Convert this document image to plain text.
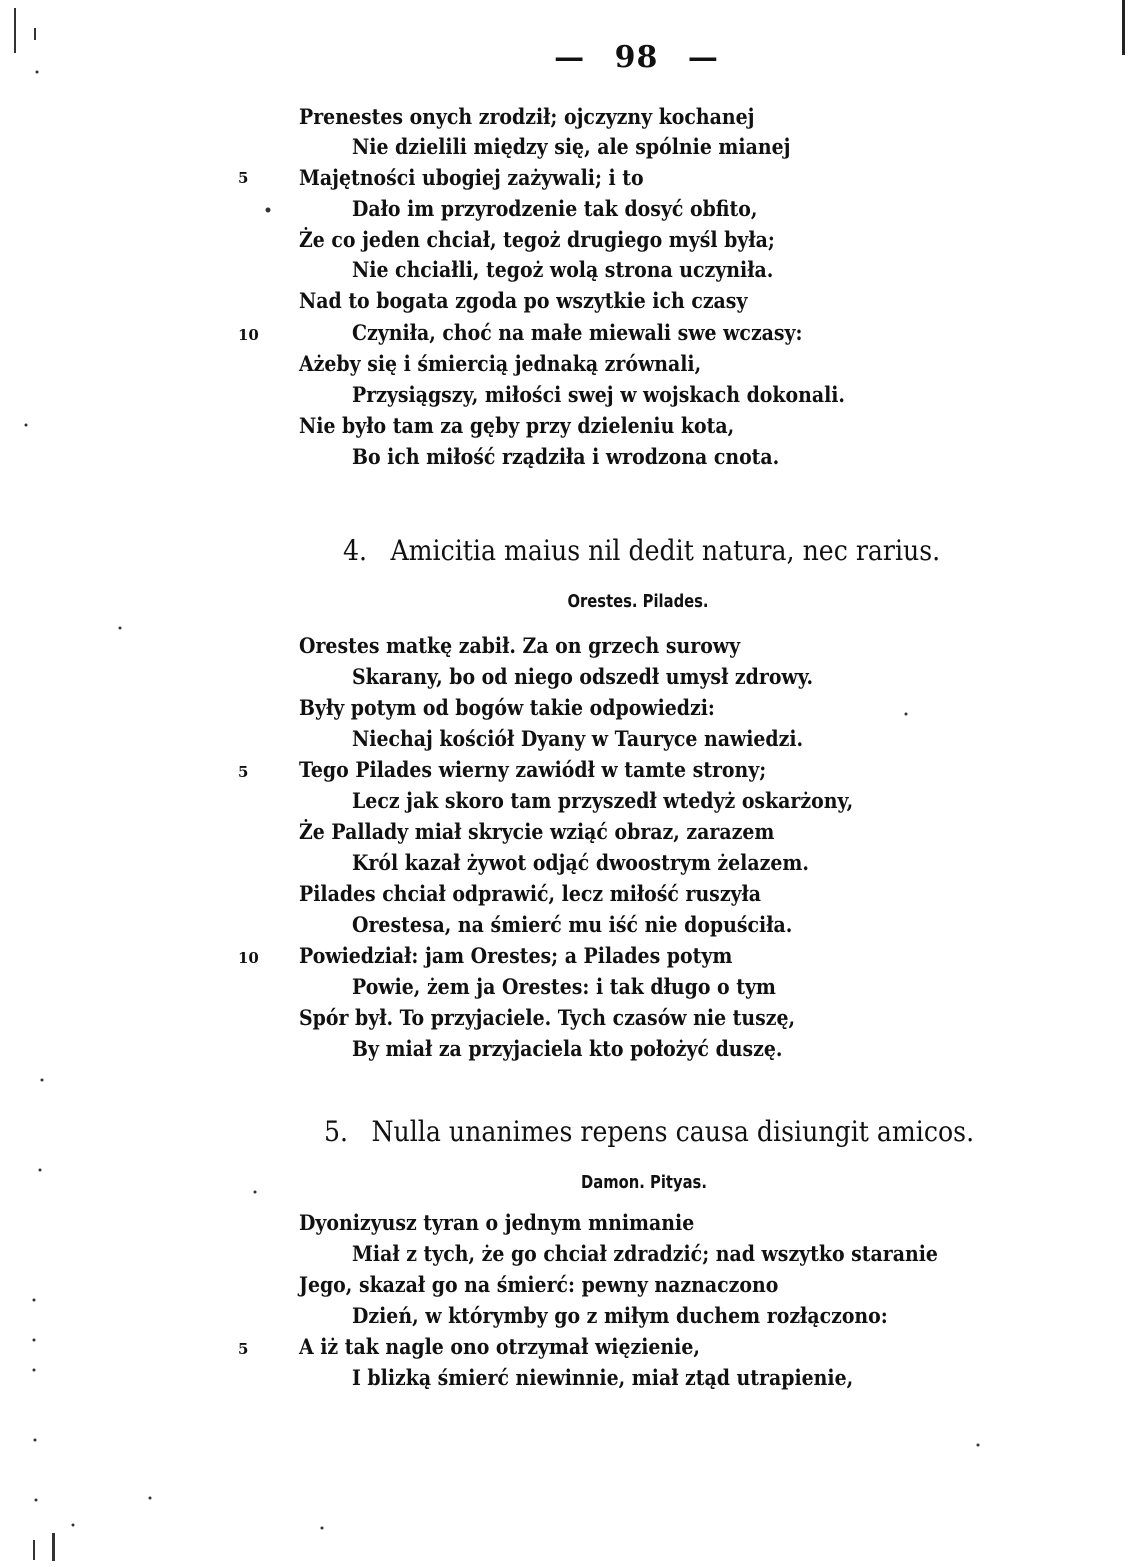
— 98 —
Prenestes onych zrodził; ojczyzny kochanej
Nie dzielili między się, ale spólnie mianej
5	Majętności ubogiej zażywali; i to
Dało im przyrodzenie tak dosyć obfito,
Że co jeden chciał, tegoż drugiego myśl była;
Nie chciałli, tegoż wolą strona uczyniła.
Nad to bogata zgoda po wszytkie ich czasy
10	Czyniła, choć na małe miewali swe wczasy:
Ażeby się i śmiercią jednaką zrównali,
Przysiągszy, miłości swej w wojskach dokonali.
Nie było tam za gęby przy dzieleniu kota,
Bo ich miłość rządziła i wrodzona cnota.
4. Amicitia maius nil dedit natura, nec rarius.
Orestes. Pilades.
Orestes matkę zabił. Za on grzech surowy
Skarany, bo od niego odszedł umysł zdrowy.
Były potym od bogów takie odpowiedzi:
Niechaj kościół Dyany w Tauryce nawiedzi.
5	Tego Pilades wierny zawiódł w tamte strony;
Lecz jak skoro tam przyszedł wtedyż oskarżony,
Że Pallady miał skrycie wziąć obraz, zarazem
Król kazał żywot odjąć dwoostrym żelazem.
Pilades chciał odprawić, lecz miłość ruszyła
Orestesa, na śmierć mu iść nie dopuściła.
10 Powiedział: jam Orestes; a Pilades potym
Powie, żem ja Orestes: i tak długo o tym
Spór był. To przyjaciele. Tych czasów nie tuszę,
By miał za przyjaciela kto położyć duszę.
5. Nulla unanimes repens causa disiungit amicos.
Damon. Pityas.
Dyonizyusz tyran o jednym mnimanie
Miał z tych, że go chciał zdradzić; nad wszytko staranie
Jego, skazał go na śmierć: pewny naznaczono
Dzień, w którymby go z miłym duchem rozłączono:
5	A iż tak nagle ono otrzymał więzienie,
I blizką śmierć niewinnie, miał ztąd utrapienie,
